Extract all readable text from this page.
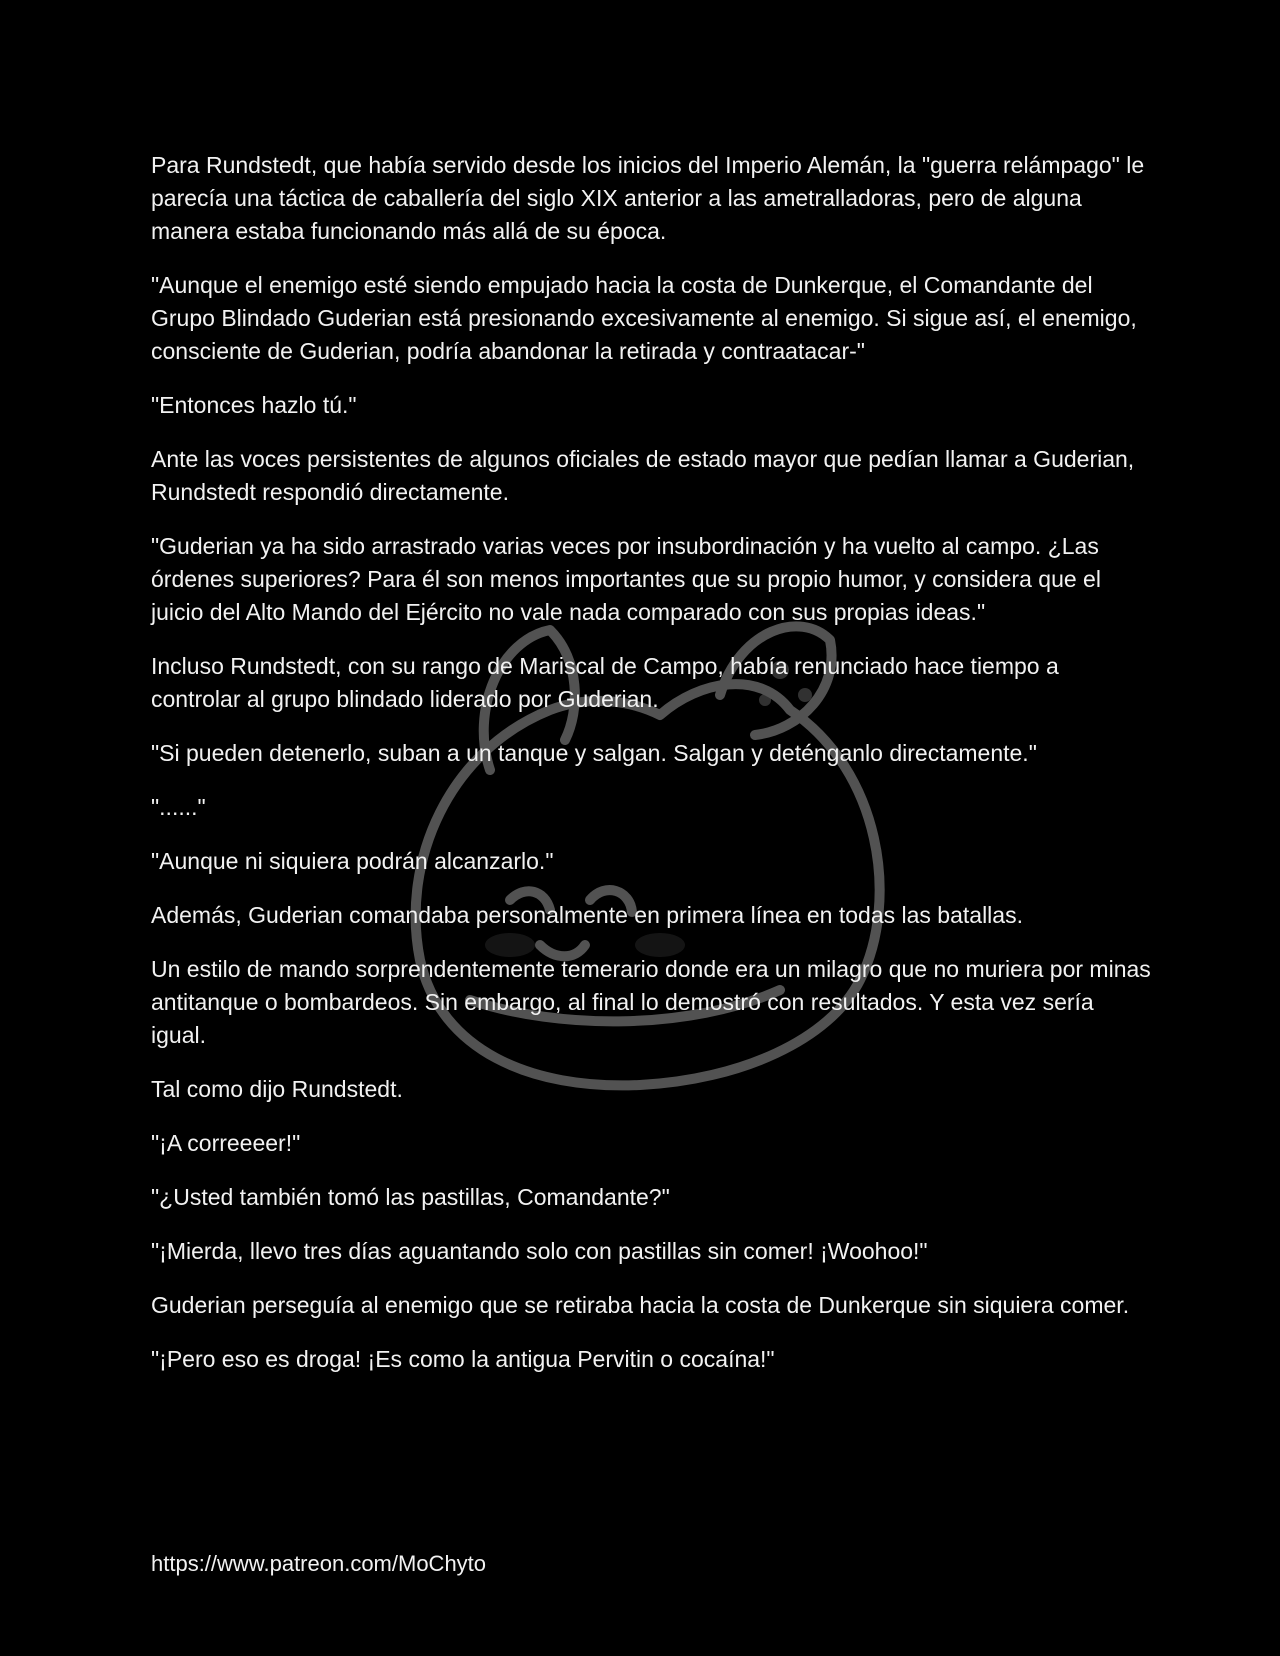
Para Rundstedt, que había servido desde los inicios del Imperio Alemán, la "guerra relámpago" le parecía una táctica de caballería del siglo XIX anterior a las ametralladoras, pero de alguna manera estaba funcionando más allá de su época.

"Aunque el enemigo esté siendo empujado hacia la costa de Dunkerque, el Comandante del Grupo Blindado Guderian está presionando excesivamente al enemigo. Si sigue así, el enemigo, consciente de Guderian, podría abandonar la retirada y contraatacar-"

"Entonces hazlo tú."

Ante las voces persistentes de algunos oficiales de estado mayor que pedían llamar a Guderian, Rundstedt respondió directamente.

"Guderian ya ha sido arrastrado varias veces por insubordinación y ha vuelto al campo. ¿Las órdenes superiores? Para él son menos importantes que su propio humor, y considera que el juicio del Alto Mando del Ejército no vale nada comparado con sus propias ideas."

Incluso Rundstedt, con su rango de Mariscal de Campo, había renunciado hace tiempo a controlar al grupo blindado liderado por Guderian.

"Si pueden detenerlo, suban a un tanque y salgan. Salgan y deténganlo directamente."

"......"

"Aunque ni siquiera podrán alcanzarlo."

Además, Guderian comandaba personalmente en primera línea en todas las batallas.

Un estilo de mando sorprendentemente temerario donde era un milagro que no muriera por minas antitanque o bombardeos. Sin embargo, al final lo demostró con resultados. Y esta vez sería igual.

Tal como dijo Rundstedt.

"¡A correeeer!"

"¿Usted también tomó las pastillas, Comandante?"

"¡Mierda, llevo tres días aguantando solo con pastillas sin comer! ¡Woohoo!"

Guderian perseguía al enemigo que se retiraba hacia la costa de Dunkerque sin siquiera comer.

"¡Pero eso es droga! ¡Es como la antigua Pervitin o cocaína!"

https://www.patreon.com/MoChyto
